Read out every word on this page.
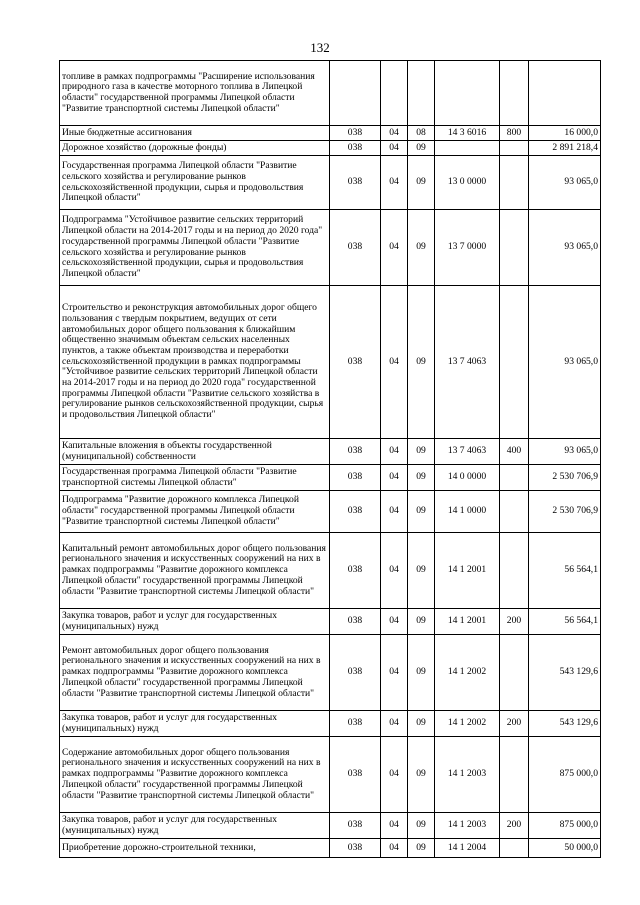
132
топливе в рамках подпрограммы "Расширение использования природного газа в качестве моторного топлива в Липецкой области" государственной программы Липецкой области "Развитие транспортной системы Липецкой области"						
Иные бюджетные ассигнования	038	04	08	14 3 6016	800	16 000,0
Дорожное хозяйство (дорожные фонды)	038	04	09			2 891 218,4
Государственная программа Липецкой области "Развитие сельского хозяйства и регулирование рынков сельскохозяйственной продукции, сырья и продовольствия Липецкой области"	038	04	09	13 0 0000		93 065,0
Подпрограмма "Устойчивое развитие сельских территорий Липецкой области на 2014-2017 годы и на период до 2020 года" государственной программы Липецкой области "Развитие сельского хозяйства и регулирование рынков сельскохозяйственной продукции, сырья и продовольствия Липецкой области"	038	04	09	13 7 0000		93 065,0
Строительство и реконструкция автомобильных дорог общего пользования с твердым покрытием, ведущих от сети автомобильных дорог общего пользования к ближайшим общественно значимым объектам сельских населенных пунктов, а также объектам производства и переработки сельскохозяйственной продукции в рамках подпрограммы "Устойчивое развитие сельских территорий Липецкой области на 2014-2017 годы и на период до 2020 года" государственной программы Липецкой области "Развитие сельского хозяйства в регулирование рынков сельскохозяйственной продукции, сырья и продовольствия Липецкой области"	038	04	09	13 7 4063		93 065,0
Капитальные вложения в объекты государственной (муниципальной) собственности	038	04	09	13 7 4063	400	93 065,0
Государственная программа Липецкой области "Развитие транспортной системы Липецкой области"	038	04	09	14 0 0000		2 530 706,9
Подпрограмма "Развитие дорожного комплекса Липецкой области" государственной программы Липецкой области "Развитие транспортной системы Липецкой области"	038	04	09	14 1 0000		2 530 706,9
Капитальный ремонт автомобильных дорог общего пользования регионального значения и искусственных сооружений на них в рамках подпрограммы "Развитие дорожного комплекса Липецкой области" государственной программы Липецкой области "Развитие транспортной системы Липецкой области"	038	04	09	14 1 2001		56 564,1
Закупка товаров, работ и услуг для государственных (муниципальных) нужд	038	04	09	14 1 2001	200	56 564,1
Ремонт автомобильных дорог общего пользования регионального значения и искусственных сооружений на них в рамках подпрограммы "Развитие дорожного комплекса Липецкой области" государственной программы Липецкой области "Развитие транспортной системы Липецкой области"	038	04	09	14 1 2002		543 129,6
Закупка товаров, работ и услуг для государственных (муниципальных) нужд	038	04	09	14 1 2002	200	543 129,6
Содержание автомобильных дорог общего пользования регионального значения и искусственных сооружений на них в рамках подпрограммы "Развитие дорожного комплекса Липецкой области" государственной программы Липецкой области "Развитие транспортной системы Липецкой области"	038	04	09	14 1 2003		875 000,0
Закупка товаров, работ и услуг для государственных (муниципальных) нужд	038	04	09	14 1 2003	200	875 000,0
Приобретение дорожно-строительной техники,	038	04	09	14 1 2004		50 000,0
